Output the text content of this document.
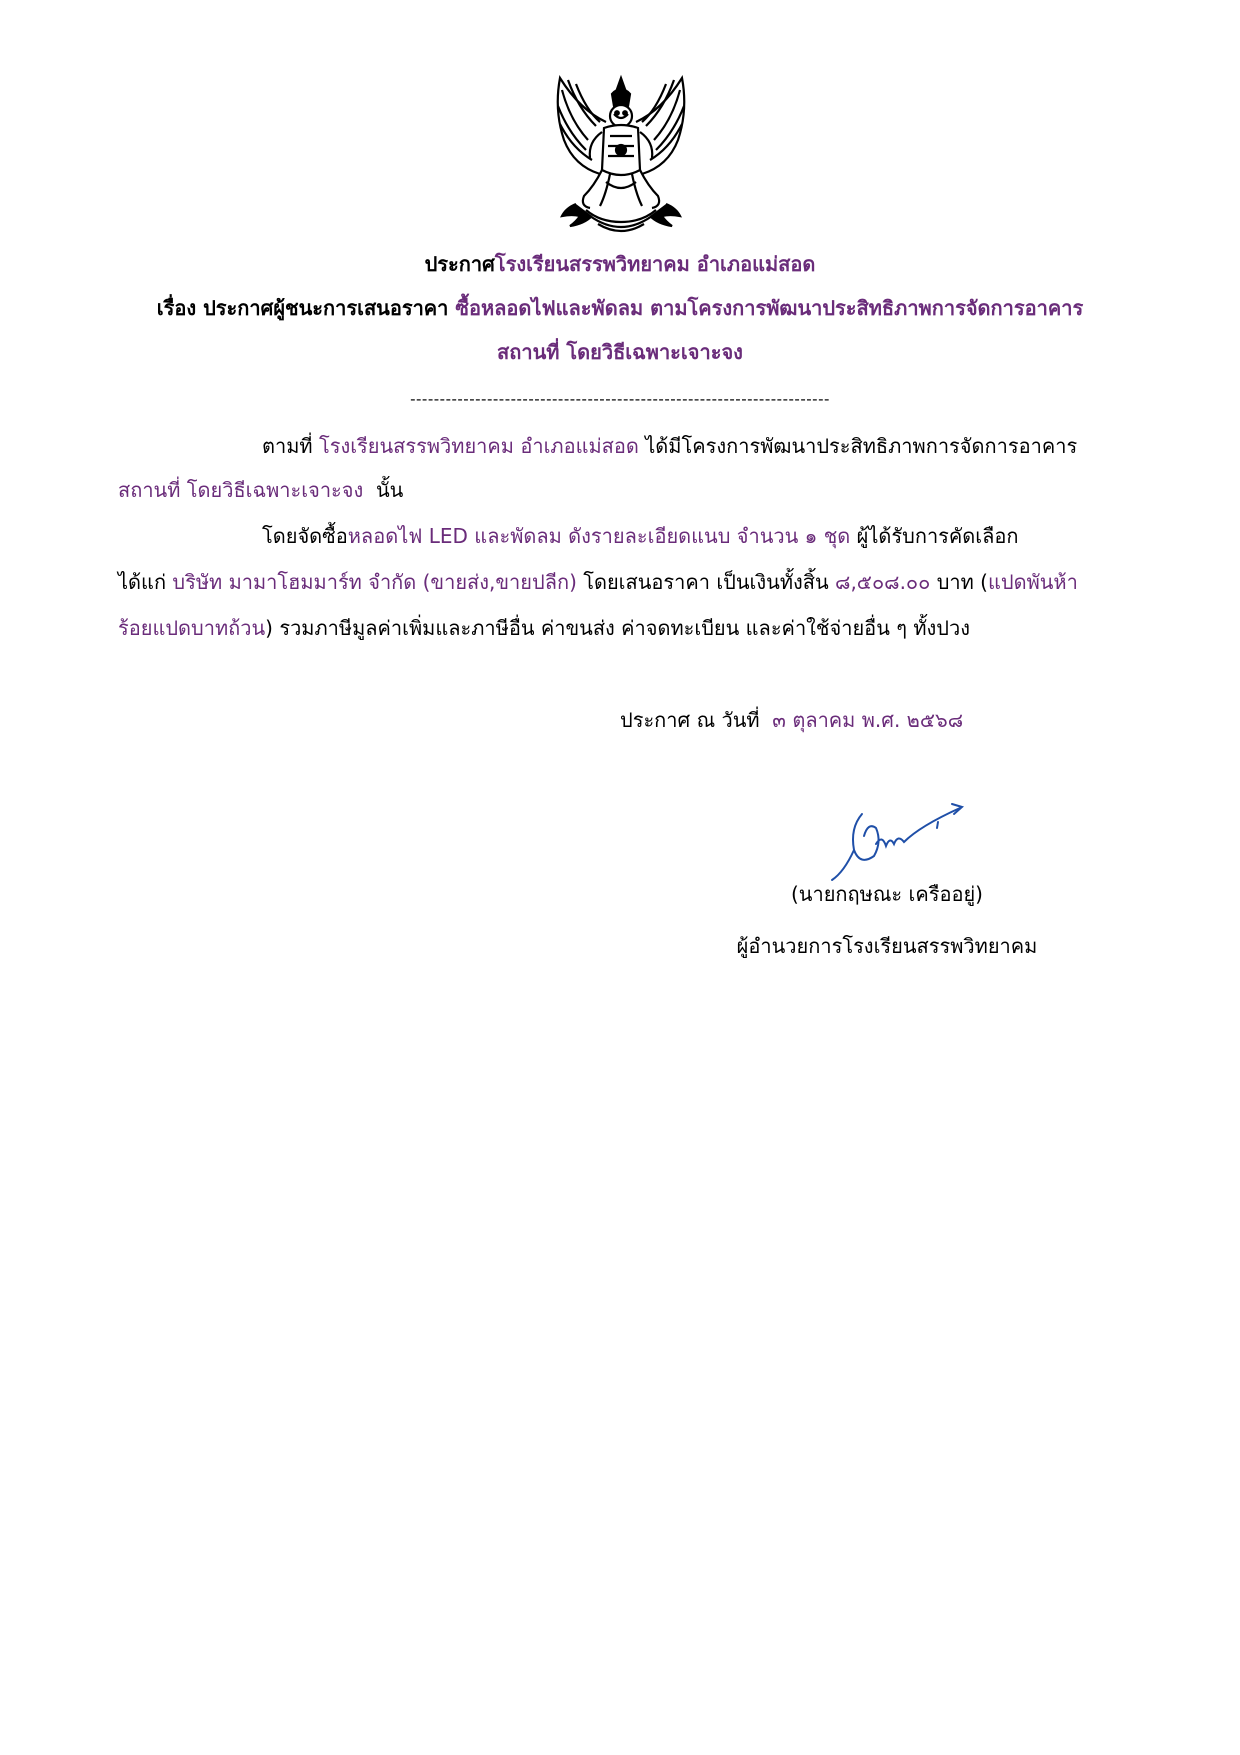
ประกาศโรงเรียนสรรพวิทยาคม อำเภอแม่สอด
เรื่อง ประกาศผู้ชนะการเสนอราคา ซื้อหลอดไฟและพัดลม ตามโครงการพัฒนาประสิทธิภาพการจัดการอาคาร
สถานที่ โดยวิธีเฉพาะเจาะจง
-----------------------------------------------------------------------
ตามที่ โรงเรียนสรรพวิทยาคม อำเภอแม่สอด ได้มีโครงการพัฒนาประสิทธิภาพการจัดการอาคาร
สถานที่ โดยวิธีเฉพาะเจาะจง นั้น
โดยจัดซื้อหลอดไฟ LED และพัดลม ดังรายละเอียดแนบ จำนวน ๑ ชุด ผู้ได้รับการคัดเลือก
ได้แก่ บริษัท มามาโฮมมาร์ท จำกัด (ขายส่ง,ขายปลีก) โดยเสนอราคา เป็นเงินทั้งสิ้น ๘,๕๐๘.๐๐ บาท (แปดพันห้า
ร้อยแปดบาทถ้วน) รวมภาษีมูลค่าเพิ่มและภาษีอื่น ค่าขนส่ง ค่าจดทะเบียน และค่าใช้จ่ายอื่น ๆ ทั้งปวง
ประกาศ ณ วันที่ ๓ ตุลาคม พ.ศ. ๒๕๖๘
(นายกฤษณะ เครืออยู่)
ผู้อำนวยการโรงเรียนสรรพวิทยาคม
